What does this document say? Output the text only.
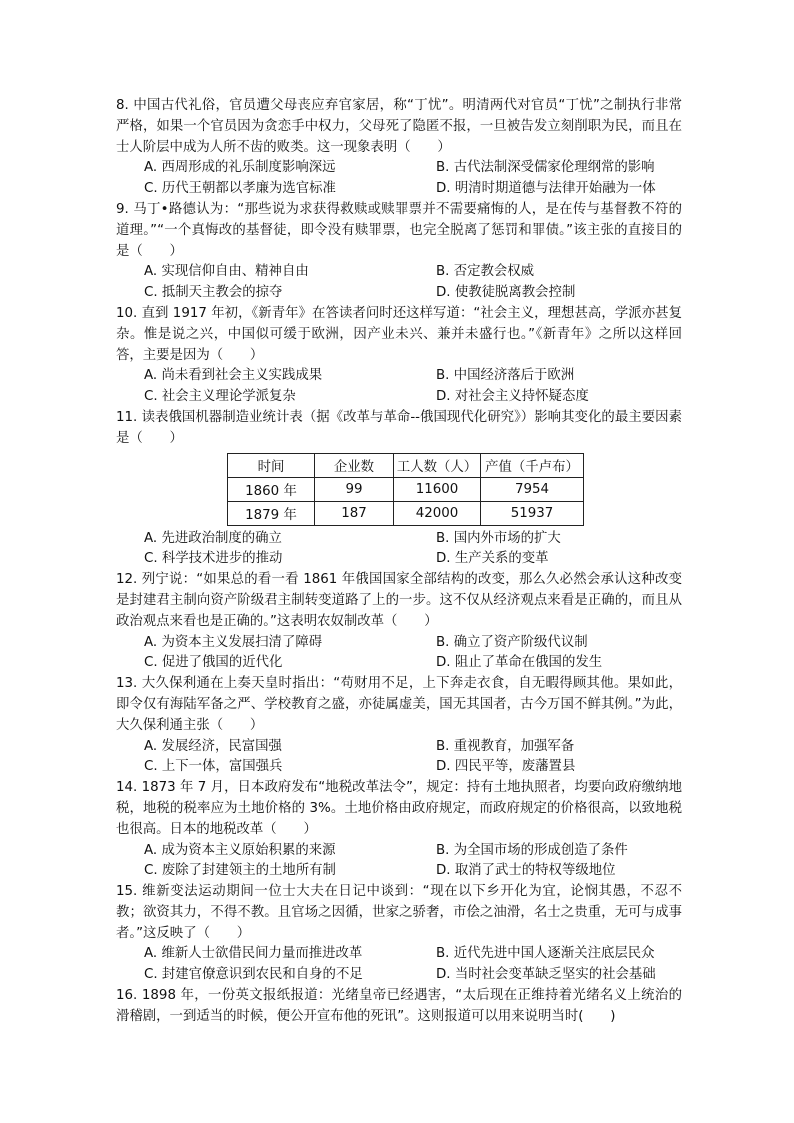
8. 中国古代礼俗，官员遭父母丧应弃官家居，称“丁忧”。明清两代对官员“丁忧”之制执行非常严格，如果一个官员因为贪恋手中权力，父母死了隐匿不报，一旦被告发立刻削职为民，而且在士人阶层中成为人所不齿的败类。这一现象表明（　　）

A. 西周形成的礼乐制度影响深远	B. 古代法制深受儒家伦理纲常的影响
C. 历代王朝都以孝廉为选官标准	D. 明清时期道德与法律开始融为一体

9. 马丁•路德认为：“那些说为求获得救赎或赎罪票并不需要痛悔的人，是在传与基督教不符的道理。”“一个真悔改的基督徒，即令没有赎罪票，也完全脱离了惩罚和罪债。”该主张的直接目的是（　　）

A. 实现信仰自由、精神自由	B. 否定教会权威
C. 抵制天主教会的掠夺	D. 使教徒脱离教会控制

10. 直到 1917 年初，《新青年》在答读者问时还这样写道：“社会主义，理想甚高，学派亦甚复杂。惟是说之兴，中国似可缓于欧洲，因产业未兴、兼并未盛行也。”《新青年》之所以这样回答，主要是因为（　　）

A. 尚未看到社会主义实践成果	B. 中国经济落后于欧洲
C. 社会主义理论学派复杂	D. 对社会主义持怀疑态度

11. 读表俄国机器制造业统计表（据《改革与革命--俄国现代化研究》）影响其变化的最主要因素是（　　）

时间	企业数	工人数（人）	产值（千卢布）
1860 年	99	11600	7954
1879 年	187	42000	51937
A. 先进政治制度的确立	B. 国内外市场的扩大
C. 科学技术进步的推动	D. 生产关系的变革

12. 列宁说：“如果总的看一看 1861 年俄国国家全部结构的改变，那么久必然会承认这种改变是封建君主制向资产阶级君主制转变道路了上的一步。这不仅从经济观点来看是正确的，而且从政治观点来看也是正确的。”这表明农奴制改革（　　）

A. 为资本主义发展扫清了障碍	B. 确立了资产阶级代议制
C. 促进了俄国的近代化	D. 阻止了革命在俄国的发生

13. 大久保利通在上奏天皇时指出：“苟财用不足，上下奔走衣食，自无暇得顾其他。果如此，即令仅有海陆军备之严、学校教育之盛，亦徒属虚美，国无其国者，古今万国不鲜其例。”为此，大久保利通主张（　　）

A. 发展经济，民富国强	B. 重视教育，加强军备
C. 上下一体，富国强兵	D. 四民平等，废藩置县

14. 1873 年 7 月，日本政府发布“地税改革法令”，规定：持有土地执照者，均要向政府缴纳地税，地税的税率应为土地价格的 3%。土地价格由政府规定，而政府规定的价格很高，以致地税也很高。日本的地税改革（　　）

A. 成为资本主义原始积累的来源	B. 为全国市场的形成创造了条件
C. 废除了封建领主的土地所有制	D. 取消了武士的特权等级地位

15. 维新变法运动期间一位士大夫在日记中谈到：“现在以下乡开化为宜，论悯其愚，不忍不教；欲资其力，不得不教。且官场之因循，世家之骄奢，市侩之油滑，名士之贵重，无可与成事者。”这反映了（　　）

A. 维新人士欲借民间力量而推进改革	B. 近代先进中国人逐渐关注底层民众
C. 封建官僚意识到农民和自身的不足	D. 当时社会变革缺乏坚实的社会基础

16. 1898 年，一份英文报纸报道：光绪皇帝已经遇害，“太后现在正维持着光绪名义上统治的滑稽剧，一到适当的时候，便公开宣布他的死讯”。这则报道可以用来说明当时(　　)
